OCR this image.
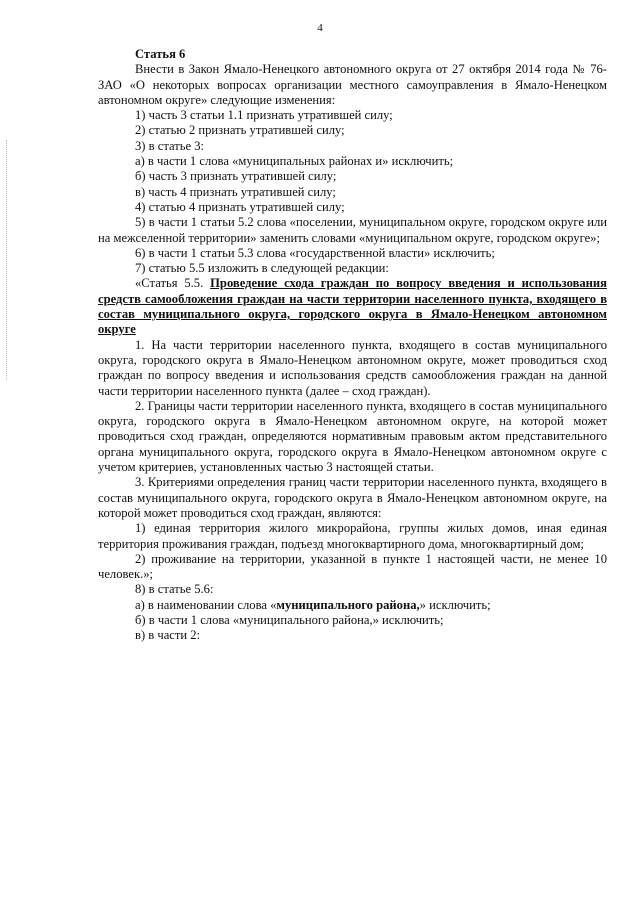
4

Статья 6

Внести в Закон Ямало-Ненецкого автономного округа от 27 октября 2014 года № 76-ЗАО «О некоторых вопросах организации местного самоуправления в Ямало-Ненецком автономном округе» следующие изменения:

1) часть 3 статьи 1.1 признать утратившей силу;

2) статью 2 признать утратившей силу;

3) в статье 3:

а) в части 1 слова «муниципальных районах и» исключить;

б) часть 3 признать утратившей силу;

в) часть 4 признать утратившей силу;

4) статью 4 признать утратившей силу;

5) в части 1 статьи 5.2 слова «поселении, муниципальном округе, городском округе или на межселенной территории» заменить словами «муниципальном округе, городском округе»;

6) в части 1 статьи 5.3 слова «государственной власти» исключить;

7) статью 5.5 изложить в следующей редакции:

«Статья 5.5. Проведение схода граждан по вопросу введения и использования средств самообложения граждан на части территории населенного пункта, входящего в состав муниципального округа, городского округа в Ямало-Ненецком автономном округе

1. На части территории населенного пункта, входящего в состав муниципального округа, городского округа в Ямало-Ненецком автономном округе, может проводиться сход граждан по вопросу введения и использования средств самообложения граждан на данной части территории населенного пункта (далее – сход граждан).

2. Границы части территории населенного пункта, входящего в состав муниципального округа, городского округа в Ямало-Ненецком автономном округе, на которой может проводиться сход граждан, определяются нормативным правовым актом представительного органа муниципального округа, городского округа в Ямало-Ненецком автономном округе с учетом критериев, установленных частью 3 настоящей статьи.

3. Критериями определения границ части территории населенного пункта, входящего в состав муниципального округа, городского округа в Ямало-Ненецком автономном округе, на которой может проводиться сход граждан, являются:

1) единая территория жилого микрорайона, группы жилых домов, иная единая территория проживания граждан, подъезд многоквартирного дома, многоквартирный дом;

2) проживание на территории, указанной в пункте 1 настоящей части, не менее 10 человек.»;

8) в статье 5.6:

а) в наименовании слова «муниципального района,» исключить;

б) в части 1 слова «муниципального района,» исключить;

в) в части 2:
